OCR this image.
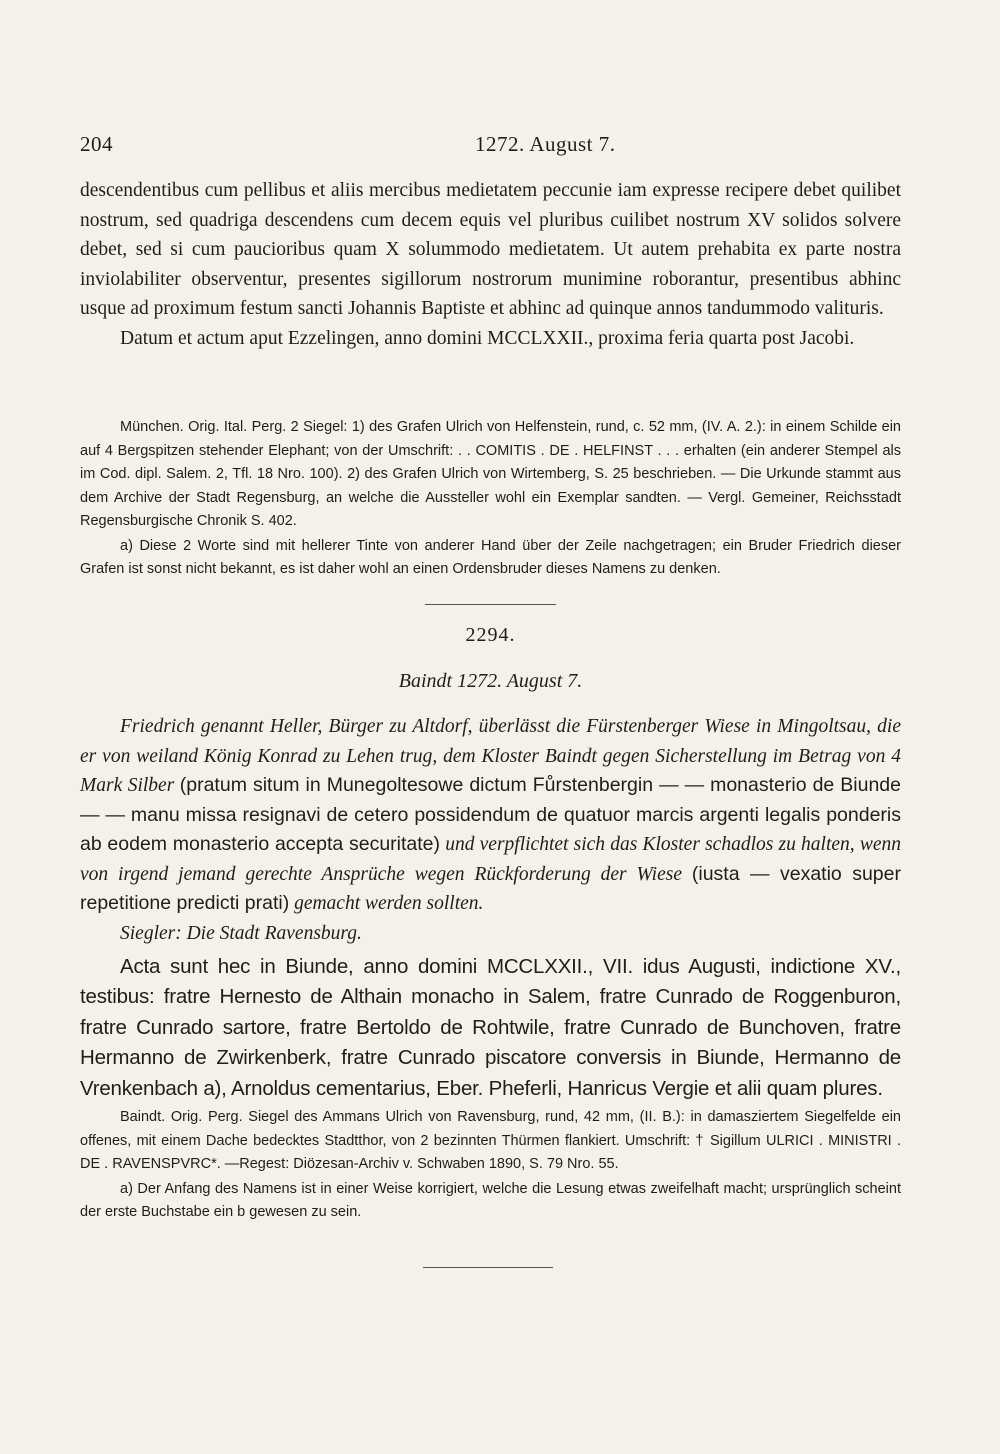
204	1272. August 7.

descendentibus cum pellibus et aliis mercibus medietatem peccunie iam expresse recipere debet quilibet nostrum, sed quadriga descendens cum decem equis vel pluribus cuilibet nostrum XV solidos solvere debet, sed si cum paucioribus quam X solummodo medietatem. Ut autem prehabita ex parte nostra inviolabiliter observentur, presentes sigillorum nostrorum munimine roborantur, presentibus abhinc usque ad proximum festum sancti Johannis Baptiste et abhinc ad quinque annos tandummodo valituris.

Datum et actum aput Ezzelingen, anno domini MCCLXXII., proxima feria quarta post Jacobi.

München. Orig. Ital. Perg. 2 Siegel: 1) des Grafen Ulrich von Helfenstein, rund, c. 52 mm, (IV. A. 2.): in einem Schilde ein auf 4 Bergspitzen stehender Elephant; von der Umschrift: . . COMITIS . DE . HELFINST . . . erhalten (ein anderer Stempel als im Cod. dipl. Salem. 2, Tfl. 18 Nro. 100). 2) des Grafen Ulrich von Wirtemberg, S. 25 beschrieben. — Die Urkunde stammt aus dem Archive der Stadt Regensburg, an welche die Aussteller wohl ein Exemplar sandten. — Vergl. Gemeiner, Reichsstadt Regensburgische Chronik S. 402.

a) Diese 2 Worte sind mit hellerer Tinte von anderer Hand über der Zeile nachgetragen; ein Bruder Friedrich dieser Grafen ist sonst nicht bekannt, es ist daher wohl an einen Ordensbruder dieses Namens zu denken.

2294.
Baindt 1272. August 7.

Friedrich genannt Heller, Bürger zu Altdorf, überlässt die Fürstenberger Wiese in Mingoltsau, die er von weiland König Konrad zu Lehen trug, dem Kloster Baindt gegen Sicherstellung im Betrag von 4 Mark Silber (pratum situm in Munegoltesowe dictum Fůrstenbergin — — monasterio de Biunde — — manu missa resignavi de cetero possidendum de quatuor marcis argenti legalis ponderis ab eodem monasterio accepta securitate) und verpflichtet sich das Kloster schadlos zu halten, wenn von irgend jemand gerechte Ansprüche wegen Rückforderung der Wiese (iusta — vexatio super repetitione predicti prati) gemacht werden sollten.

Siegler: Die Stadt Ravensburg.

Acta sunt hec in Biunde, anno domini MCCLXXII., VII. idus Augusti, indictione XV., testibus: fratre Hernesto de Althain monacho in Salem, fratre Cunrado de Roggenburon, fratre Cunrado sartore, fratre Bertoldo de Rohtwile, fratre Cunrado de Bunchoven, fratre Hermanno de Zwirkenberk, fratre Cunrado piscatore conversis in Biunde, Hermanno de Vrenkenbach a), Arnoldus cementarius, Eber. Pheferli, Hanricus Vergie et alii quam plures.

Baindt. Orig. Perg. Siegel des Ammans Ulrich von Ravensburg, rund, 42 mm, (II. B.): in damasziertem Siegelfelde ein offenes, mit einem Dache bedecktes Stadtthor, von 2 bezinnten Thürmen flankiert. Umschrift: † Sigillum ULRICI . MINISTRI . DE . RAVENSPVRC*. —Regest: Diözesan-Archiv v. Schwaben 1890, S. 79 Nro. 55.

a) Der Anfang des Namens ist in einer Weise korrigiert, welche die Lesung etwas zweifelhaft macht; ursprünglich scheint der erste Buchstabe ein b gewesen zu sein.
